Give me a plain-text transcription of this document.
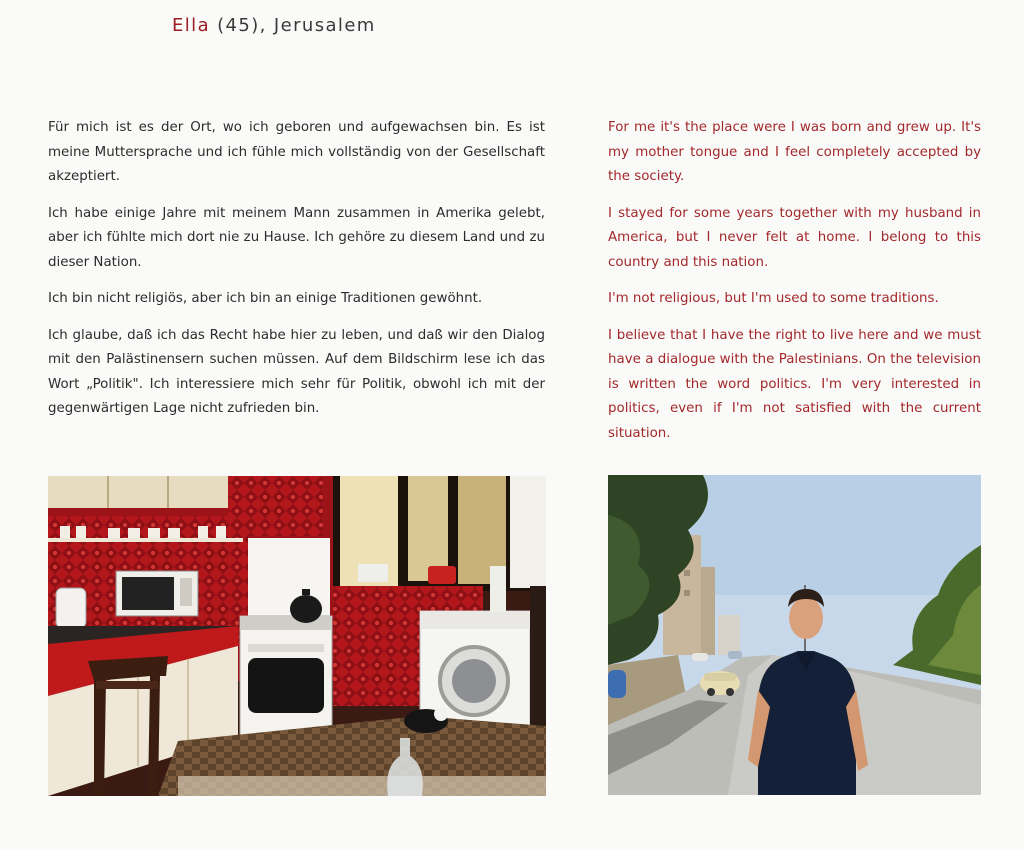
Ella (45), Jerusalem

Für mich ist es der Ort, wo ich geboren und aufgewachsen bin. Es ist meine Muttersprache und ich fühle mich vollständig von der Gesellschaft akzeptiert.

Ich habe einige Jahre mit meinem Mann zusammen in Amerika gelebt, aber ich fühlte mich dort nie zu Hause. Ich gehöre zu diesem Land und zu dieser Nation.

Ich bin nicht religiös, aber ich bin an einige Traditionen gewöhnt.

Ich glaube, daß ich das Recht habe hier zu leben, und daß wir den Dialog mit den Palästinensern suchen müssen. Auf dem Bildschirm lese ich das Wort „Politik". Ich interessiere mich sehr für Politik, obwohl ich mit der gegenwärtigen Lage nicht zufrieden bin.

For me it's the place were I was born and grew up. It's my mother tongue and I feel completely accepted by the society.

I stayed for some years together with my husband in America, but I never felt at home. I belong to this country and this nation.

I'm not religious, but I'm used to some traditions.

I believe that I have the right to live here and we must have a dialogue with the Palestinians. On the television is written the word politics. I'm very interested in politics, even if I'm not satisfied with the current situation.
